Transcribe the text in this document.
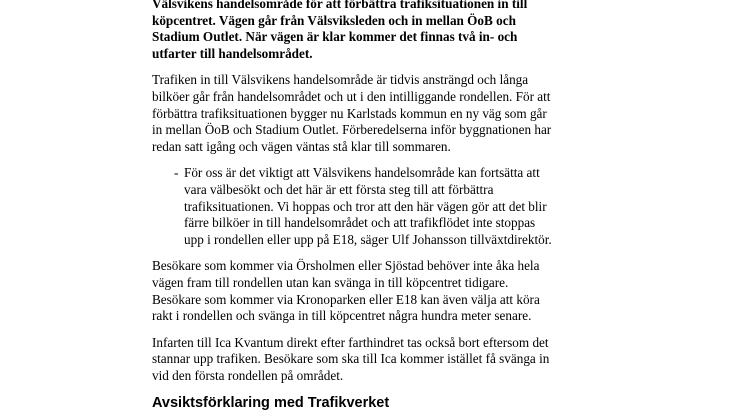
Välsvikens handelsområde för att förbättra trafiksituationen in till
köpcentret. Vägen går från Välsviksleden och in mellan ÖoB och
Stadium Outlet. När vägen är klar kommer det finnas två in- och
utfarter till handelsområdet.
Trafiken in till Välsvikens handelsområde är tidvis ansträngd och långa
bilköer går från handelsområdet och ut i den intilliggande rondellen. För att
förbättra trafiksituationen bygger nu Karlstads kommun en ny väg som går
in mellan ÖoB och Stadium Outlet. Förberedelserna inför byggnationen har
redan satt igång och vägen väntas stå klar till sommaren.
- För oss är det viktigt att Välsvikens handelsområde kan fortsätta att
vara välbesökt och det här är ett första steg till att förbättra
trafiksituationen. Vi hoppas och tror att den här vägen gör att det blir
färre bilköer in till handelsområdet och att trafikflödet inte stoppas
upp i rondellen eller upp på E18, säger Ulf Johansson tillväxtdirektör.
Besökare som kommer via Örsholmen eller Sjöstad behöver inte åka hela
vägen fram till rondellen utan kan svänga in till köpcentret tidigare.
Besökare som kommer via Kronoparken eller E18 kan även välja att köra
rakt i rondellen och svänga in till köpcentret några hundra meter senare.
Infarten till Ica Kvantum direkt efter farthindret tas också bort eftersom det
stannar upp trafiken. Besökare som ska till Ica kommer istället få svänga in
vid den första rondellen på området.
Avsiktsförklaring med Trafikverket
